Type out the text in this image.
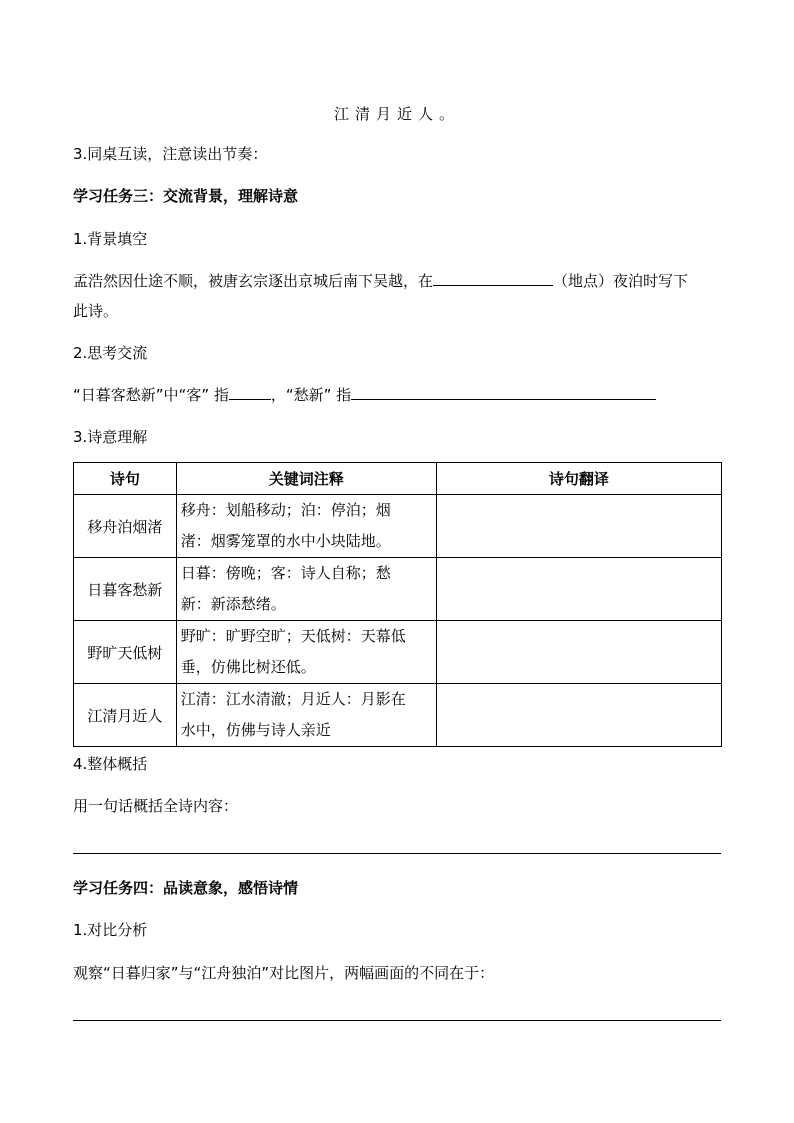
江清月近人。
3.同桌互读，注意读出节奏：
学习任务三：交流背景，理解诗意
1.背景填空
孟浩然因仕途不顺，被唐玄宗逐出京城后南下吴越，在	（地点）夜泊时写下
此诗。
2.思考交流
“日暮客愁新”中“客” 指	，“愁新” 指
3.诗意理解
诗句	关键词注释	诗句翻译
移舟泊烟渚	移舟：划船移动；泊：停泊；烟
渚：烟雾笼罩的水中小块陆地。	

日暮客愁新	日暮：傍晚；客：诗人自称；愁
新：新添愁绪。	

野旷天低树	野旷：旷野空旷；天低树：天幕低
垂，仿佛比树还低。	

江清月近人	江清：江水清澈；月近人：月影在
水中，仿佛与诗人亲近	

4.整体概括
用一句话概括全诗内容：
学习任务四：品读意象，感悟诗情
1.对比分析
观察“日暮归家”与“江舟独泊”对比图片，两幅画面的不同在于：
